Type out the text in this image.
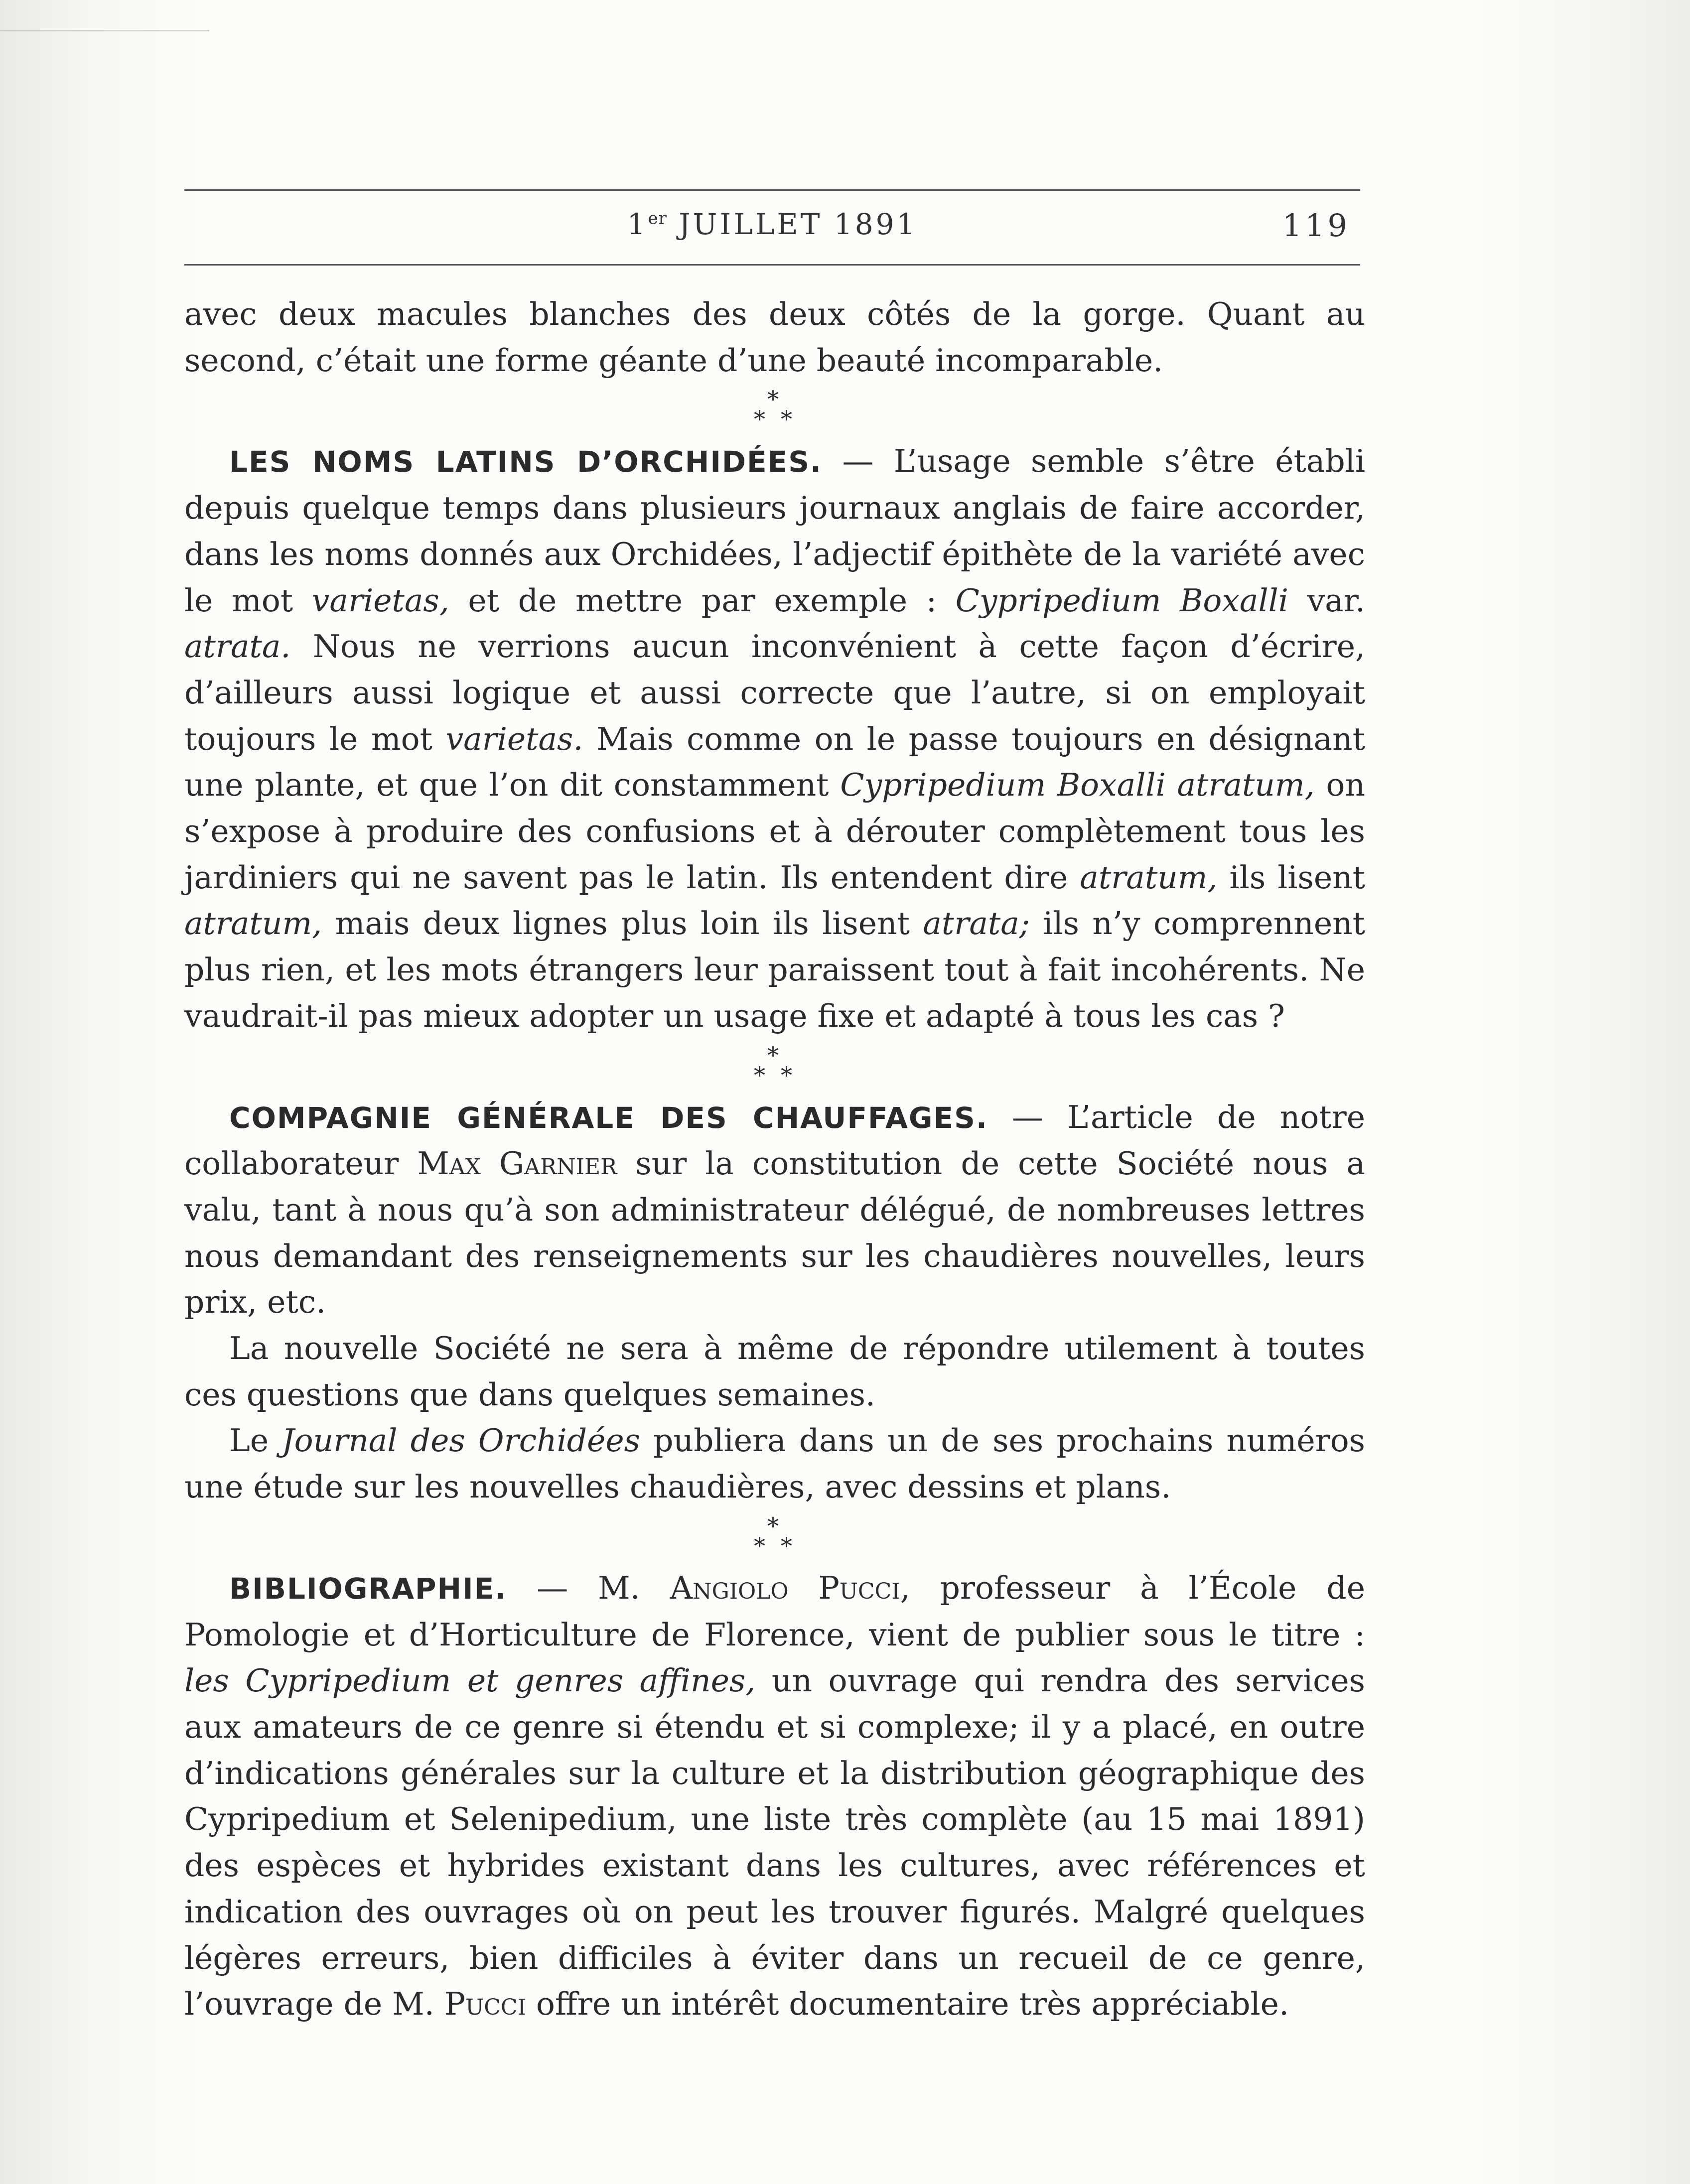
1er JUILLET 1891	119

avec deux macules blanches des deux côtés de la gorge. Quant au second, c’était une forme géante d’une beauté incomparable.

*
* *

LES NOMS LATINS D’ORCHIDÉES. — L’usage semble s’être établi depuis quelque temps dans plusieurs journaux anglais de faire accorder, dans les noms donnés aux Orchidées, l’adjectif épithète de la variété avec le mot varietas, et de mettre par exemple : Cypripedium Boxalli var. atrata. Nous ne verrions aucun inconvénient à cette façon d’écrire, d’ailleurs aussi logique et aussi correcte que l’autre, si on employait toujours le mot varietas. Mais comme on le passe toujours en désignant une plante, et que l’on dit constamment Cypripedium Boxalli atratum, on s’expose à produire des confusions et à dérouter complètement tous les jardiniers qui ne savent pas le latin. Ils entendent dire atratum, ils lisent atratum, mais deux lignes plus loin ils lisent atrata; ils n’y comprennent plus rien, et les mots étrangers leur paraissent tout à fait incohérents. Ne vaudrait-il pas mieux adopter un usage fixe et adapté à tous les cas ?

*
* *

COMPAGNIE GÉNÉRALE DES CHAUFFAGES. — L’article de notre collaborateur Max Garnier sur la constitution de cette Société nous a valu, tant à nous qu’à son administrateur délégué, de nombreuses lettres nous demandant des renseignements sur les chaudières nouvelles, leurs prix, etc.

La nouvelle Société ne sera à même de répondre utilement à toutes ces questions que dans quelques semaines.

Le Journal des Orchidées publiera dans un de ses prochains numéros une étude sur les nouvelles chaudières, avec dessins et plans.

*
* *

BIBLIOGRAPHIE. — M. Angiolo Pucci, professeur à l’École de Pomologie et d’Horticulture de Florence, vient de publier sous le titre : les Cypripedium et genres affines, un ouvrage qui rendra des services aux amateurs de ce genre si étendu et si complexe; il y a placé, en outre d’indications générales sur la culture et la distribution géographique des Cypripedium et Selenipedium, une liste très complète (au 15 mai 1891) des espèces et hybrides existant dans les cultures, avec références et indication des ouvrages où on peut les trouver figurés. Malgré quelques légères erreurs, bien difficiles à éviter dans un recueil de ce genre, l’ouvrage de M. Pucci offre un intérêt documentaire très appréciable.
